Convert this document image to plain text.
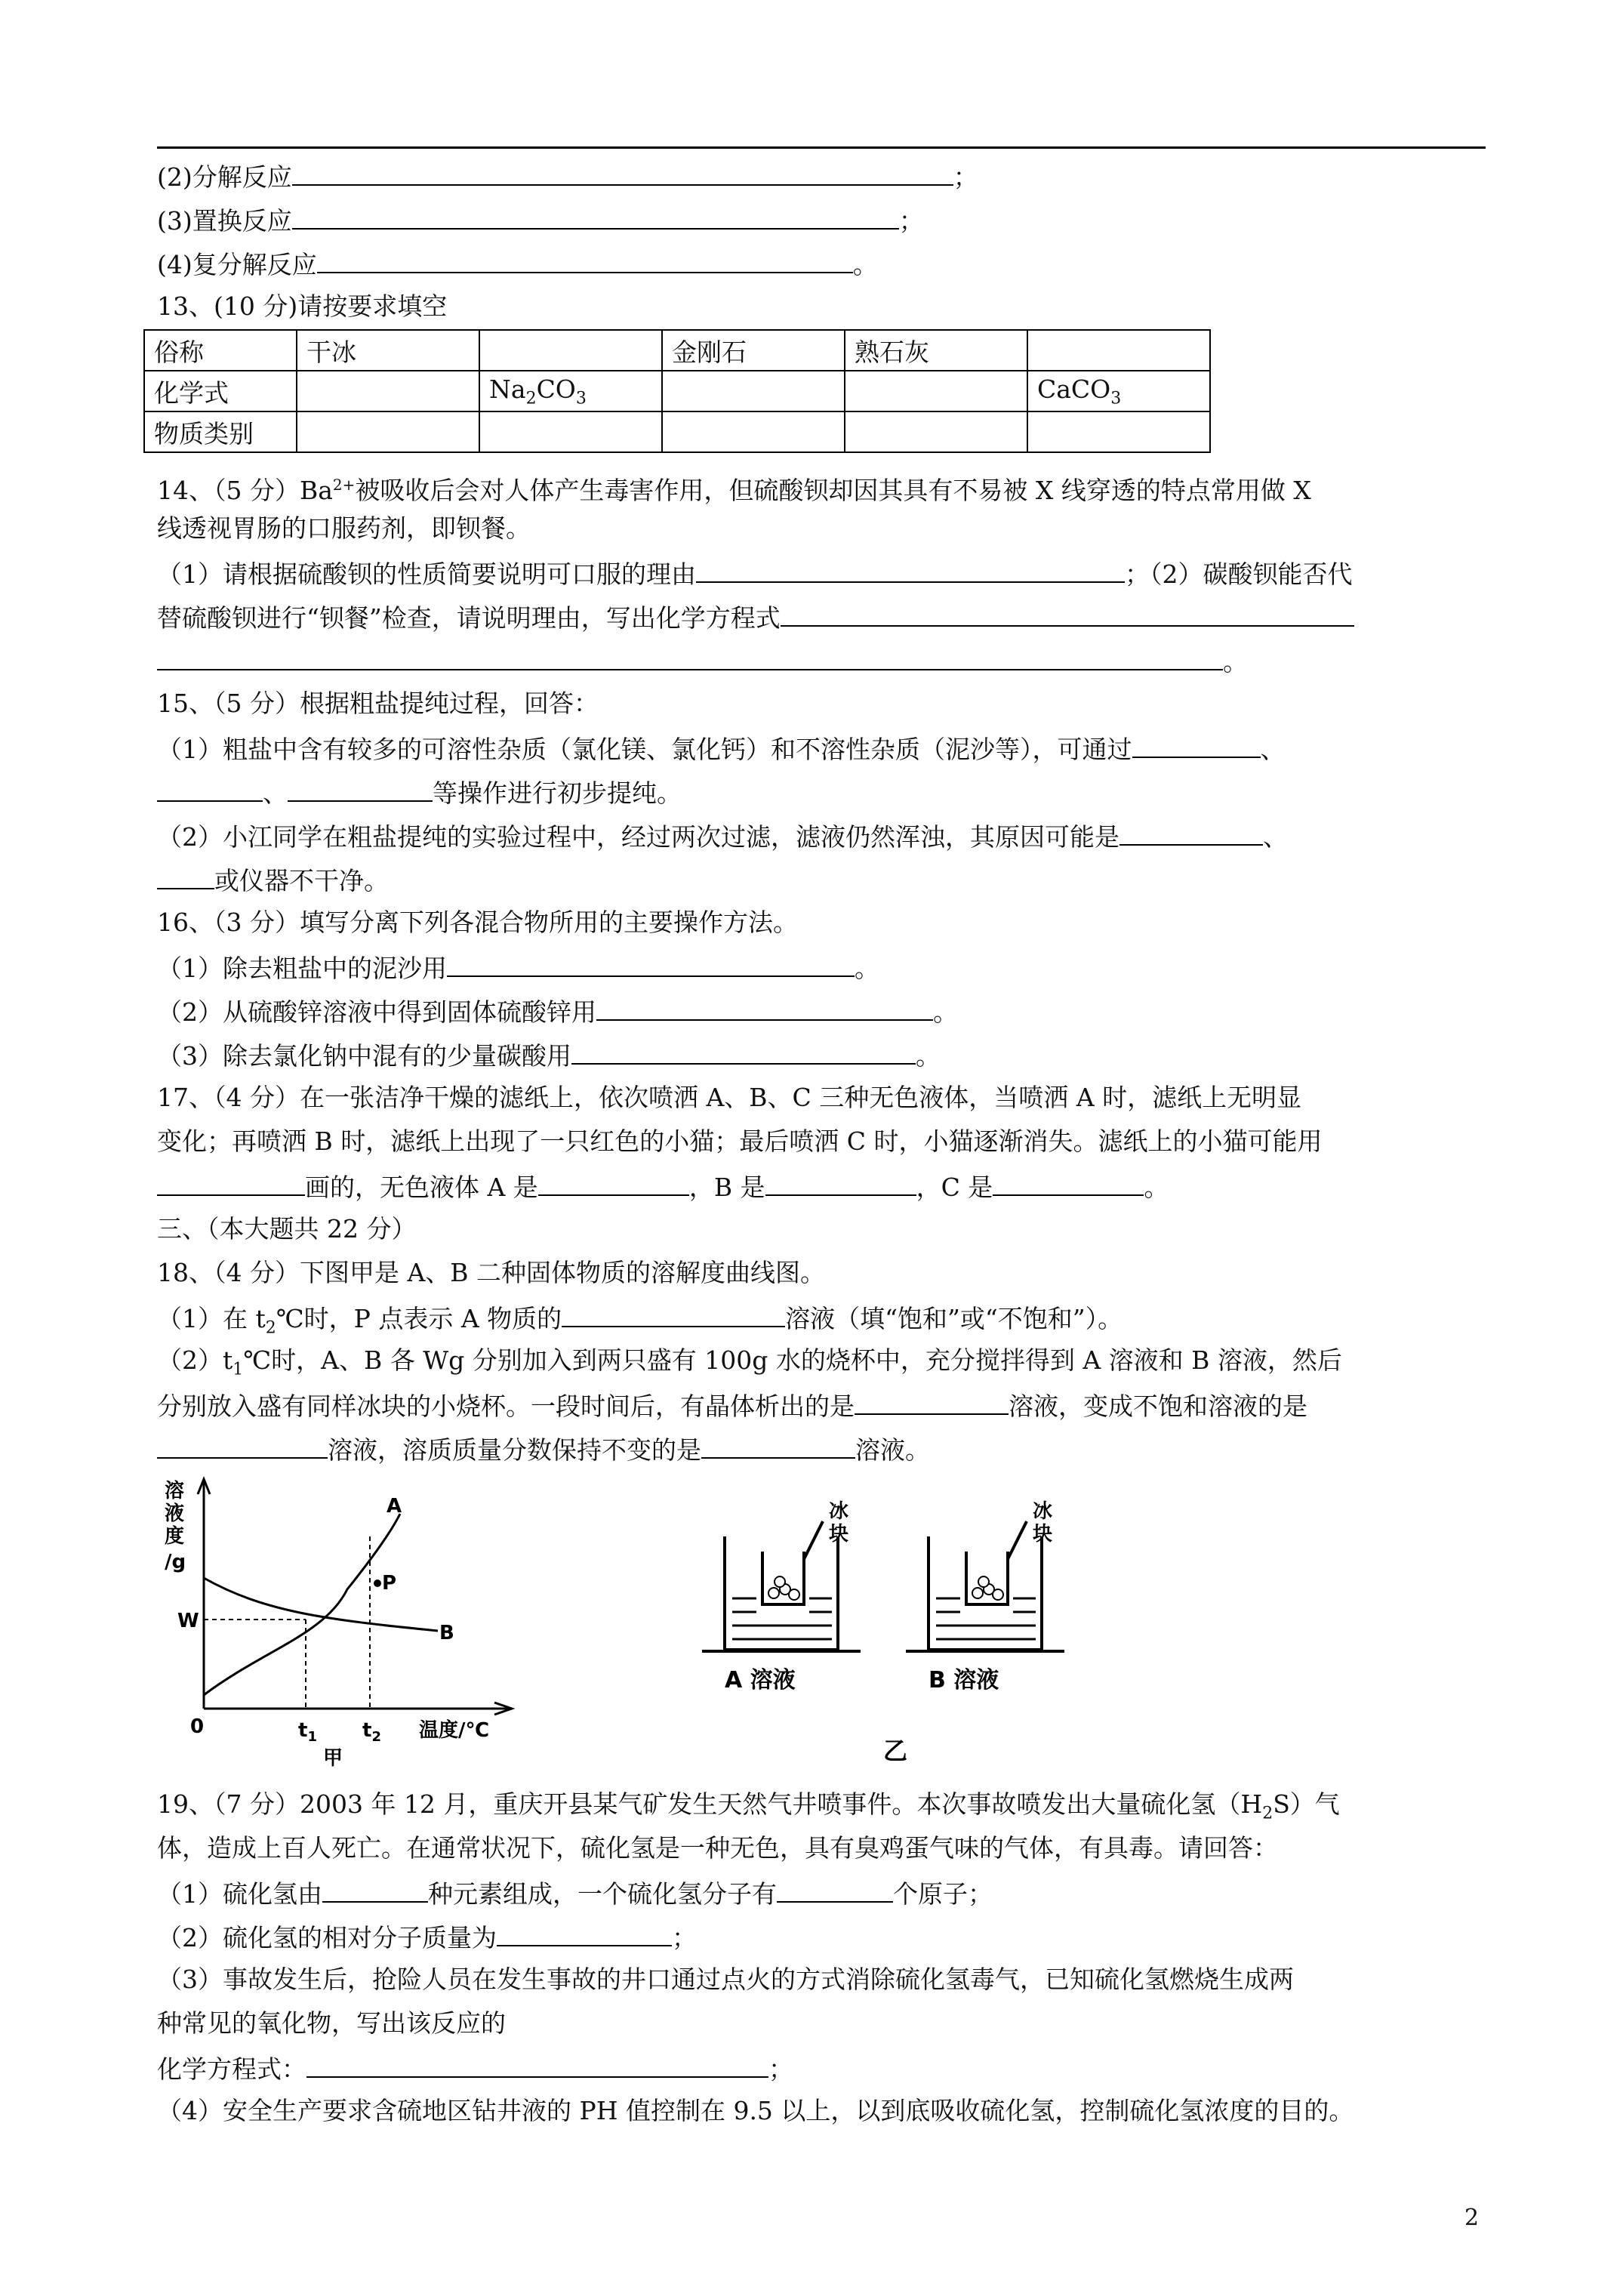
(2)分解反应	；
(3)置换反应	；
(4)复分解反应	。
13、(10 分)请按要求填空
俗称	干冰		金刚石	熟石灰	
化学式		$Na_2CO_3$			CaCO$_3$
物质类别					
14、（5 分）$Ba^{2+}$被吸收后会对人体产生毒害作用，但硫酸钡却因其具有不易被 X 线穿透的特点常用做 X
线透视胃肠的口服药剂，即钡餐。
（1）请根据硫酸钡的性质简要说明可口服的理由	；（2）碳酸钡能否代
替硫酸钡进行“钡餐”检查，请说明理由，写出化学方程式
。
15、（5 分）根据粗盐提纯过程，回答：
（1）粗盐中含有较多的可溶性杂质（氯化镁、氯化钙）和不溶性杂质（泥沙等），可通过	、
、	等操作进行初步提纯。
（2）小江同学在粗盐提纯的实验过程中，经过两次过滤，滤液仍然浑浊，其原因可能是	、
或仪器不干净。
16、（3 分）填写分离下列各混合物所用的主要操作方法。
（1）除去粗盐中的泥沙用	。
（2）从硫酸锌溶液中得到固体硫酸锌用	。
（3）除去氯化钠中混有的少量碳酸用	。
17、（4 分）在一张洁净干燥的滤纸上，依次喷洒 A、B、C 三种无色液体，当喷洒 A 时，滤纸上无明显
变化；再喷洒 B 时，滤纸上出现了一只红色的小猫；最后喷洒 C 时，小猫逐渐消失。滤纸上的小猫可能用
画的，无色液体 A 是	，B 是	，C 是	。
三、（本大题共 22 分）
18、（4 分）下图甲是 A、B 二种固体物质的溶解度曲线图。
（1）在 $t_2℃$时，P 点表示 A 物质的	溶液（填“饱和”或“不饱和”）。
$(2)t_1℃$时，A、B 各 Wg 分别加入到两只盛有 100g 水的烧杯中，充分搅拌得到 A 溶液和 B 溶液，然后
分别放入盛有同样冰块的小烧杯。一段时间后，有晶体析出的是	溶液，变成不饱和溶液的是
溶液，溶质质量分数保持不变的是	溶液。
溶
液
度
/g
W
0	$t_1$ $t_2$ 温度/℃
A
B
P
甲
冰
块
冰
块
A 溶液	B 溶液
乙
19、（7 分）2003 年 12 月，重庆开县某气矿发生天然气井喷事件。本次事故喷发出大量硫化氢$(H_2S)$气
体，造成上百人死亡。在通常状况下，硫化氢是一种无色，具有臭鸡蛋气味的气体，有具毒。请回答：
（1）硫化氢由	种元素组成，一个硫化氢分子有	个原子；
（2）硫化氢的相对分子质量为	；
（3）事故发生后，抢险人员在发生事故的井口通过点火的方式消除硫化氢毒气，已知硫化氢燃烧生成两
种常见的氧化物，写出该反应的
化学方程式：	；
（4）安全生产要求含硫地区钻井液的 PH 值控制在 9.5 以上，以到底吸收硫化氢，控制硫化氢浓度的目的。
2
